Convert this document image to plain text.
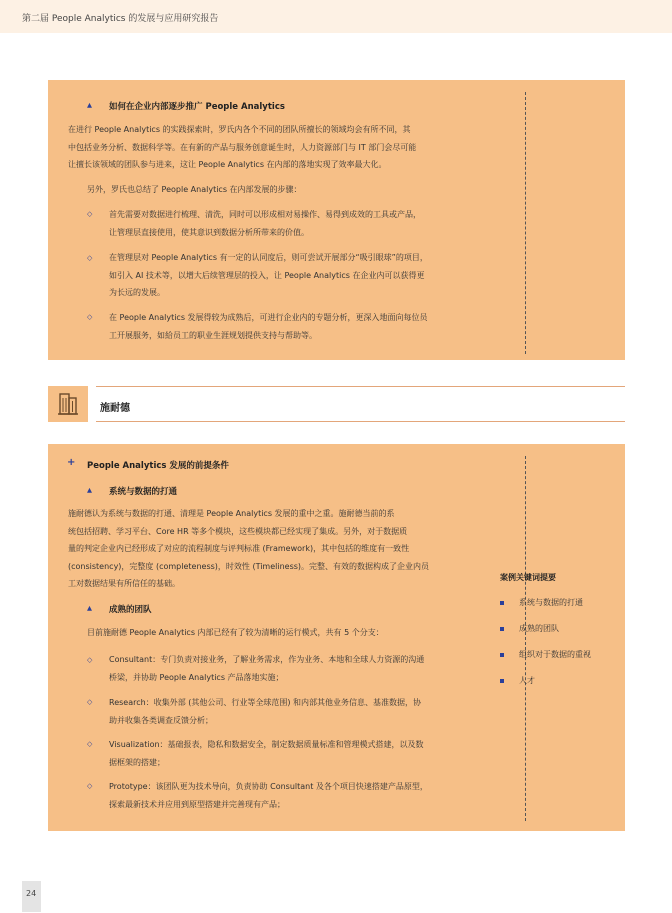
第二届 People Analytics 的发展与应用研究报告
▲ 如何在企业内部逐步推广 People Analytics
在进行 People Analytics 的实践探索时，罗氏内各个不同的团队所擅长的领域均会有所不同，其
中包括业务分析、数据科学等。在有新的产品与服务创意诞生时，人力资源部门与 IT 部门会尽可能
让擅长该领域的团队参与进来，这让 People Analytics 在内部的落地实现了效率最大化。
另外，罗氏也总结了 People Analytics 在内部发展的步骤：
◇ 首先需要对数据进行梳理、清洗，同时可以形成相对易操作、易得到成效的工具或产品，
让管理层直接使用，使其意识到数据分析所带来的价值。
◇ 在管理层对 People Analytics 有一定的认同度后，则可尝试开展部分“吸引眼球”的项目，
如引入 AI 技术等，以增大后续管理层的投入，让 People Analytics 在企业内可以获得更
为长远的发展。
◇ 在 People Analytics 发展得较为成熟后，可进行企业内的专题分析，更深入地面向每位员
工开展服务，如給员工的职业生涯规划提供支持与帮助等。
施耐德
+ People Analytics 发展的前提条件
▲ 系统与数据的打通
施耐德认为系统与数据的打通、清理是 People Analytics 发展的重中之重。施耐德当前的系
统包括招聘、学习平台、Core HR 等多个模块，这些模块都已经实现了集成。另外，对于数据质
量的判定企业内已经形成了对应的流程制度与评判标准 (Framework)，其中包括的维度有一致性
(consistency)，完整度 (completeness)，时效性 (Timeliness)。完整、有效的数据构成了企业内员
工对数据结果有所信任的基础。
▲ 成熟的团队
目前施耐德 People Analytics 内部已经有了较为清晰的运行模式，共有 5 个分支：
◇ Consultant：专门负责对接业务，了解业务需求，作为业务、本地和全球人力资源的沟通
桥梁，并协助 People Analytics 产品落地实施；
◇ Research：收集外部 (其他公司、行业等全球范围) 和内部其他业务信息、基准数据，协
助并收集各类调查反馈分析；
◇ Visualization：基础报表，隐私和数据安全，制定数据质量标准和管理模式搭建，以及数
据框架的搭建；
◇ Prototype：该团队更为技术导向，负责协助 Consultant 及各个项目快速搭建产品原型，
探索最新技术并应用到原型搭建并完善现有产品；
案例关键词提要
系统与数据的打通
成熟的团队
组织对于数据的重视
人才
24
